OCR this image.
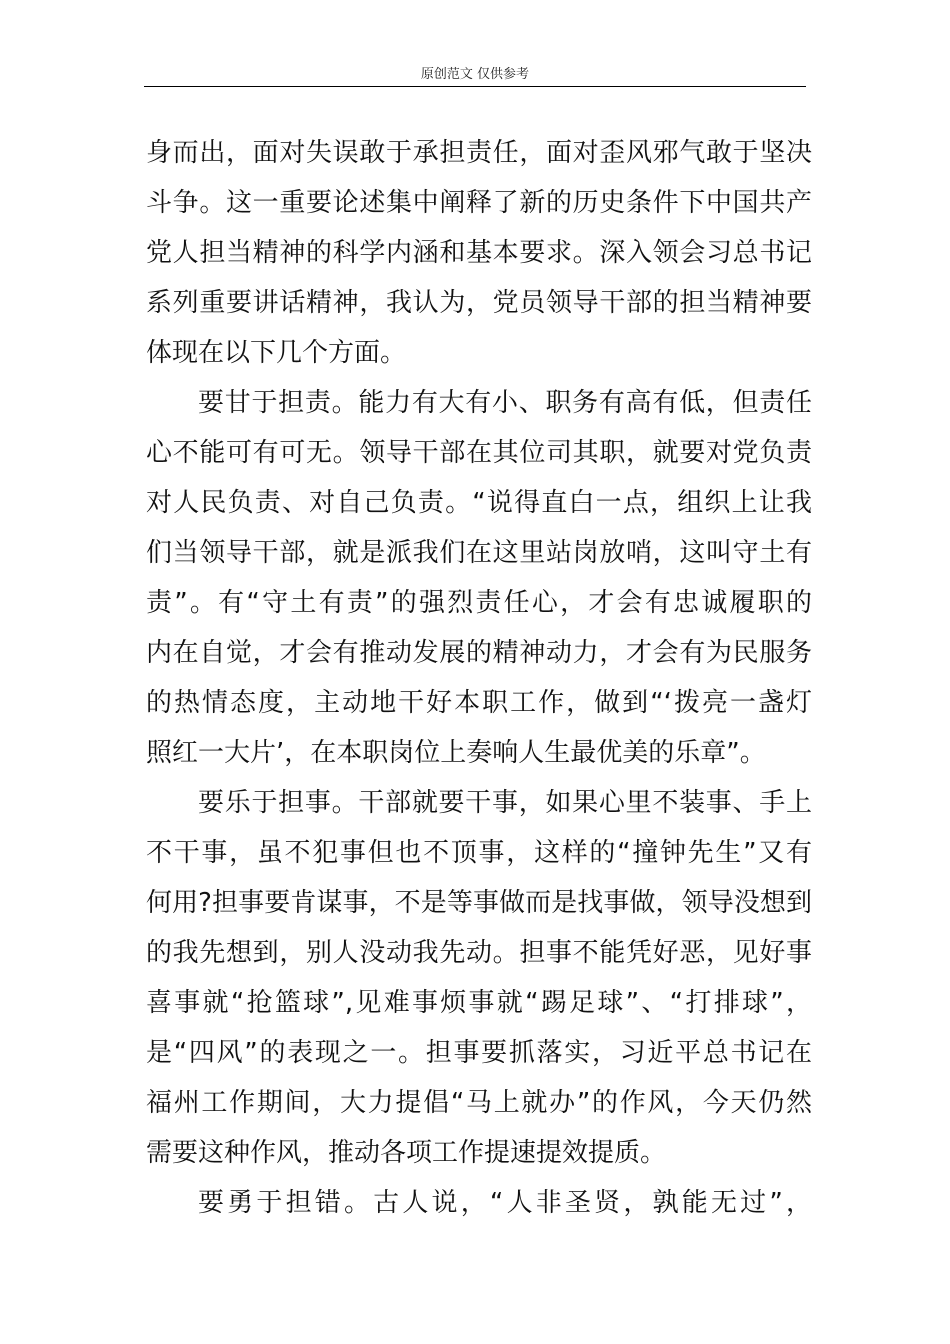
原创范文 仅供参考
身而出，面对失误敢于承担责任，面对歪风邪气敢于坚决
斗争。这一重要论述集中阐释了新的历史条件下中国共产
党人担当精神的科学内涵和基本要求。深入领会习总书记
系列重要讲话精神，我认为，党员领导干部的担当精神要
体现在以下几个方面。
要甘于担责。能力有大有小、职务有高有低，但责任
心不能可有可无。领导干部在其位司其职，就要对党负责
对人民负责、对自己负责。“说得直白一点，组织上让我
们当领导干部，就是派我们在这里站岗放哨，这叫守土有
责”。有“守土有责”的强烈责任心，才会有忠诚履职的
内在自觉，才会有推动发展的精神动力，才会有为民服务
的热情态度，主动地干好本职工作，做到“‘拨亮一盏灯
照红一大片’，在本职岗位上奏响人生最优美的乐章”。
要乐于担事。干部就要干事，如果心里不装事、手上
不干事，虽不犯事但也不顶事，这样的“撞钟先生”又有
何用?担事要肯谋事，不是等事做而是找事做，领导没想到
的我先想到，别人没动我先动。担事不能凭好恶，见好事
喜事就“抢篮球”,见难事烦事就“踢足球”、“打排球”，
是“四风”的表现之一。担事要抓落实，习近平总书记在
福州工作期间，大力提倡“马上就办”的作风，今天仍然
需要这种作风，推动各项工作提速提效提质。
要勇于担错。古人说，“人非圣贤，孰能无过”，
